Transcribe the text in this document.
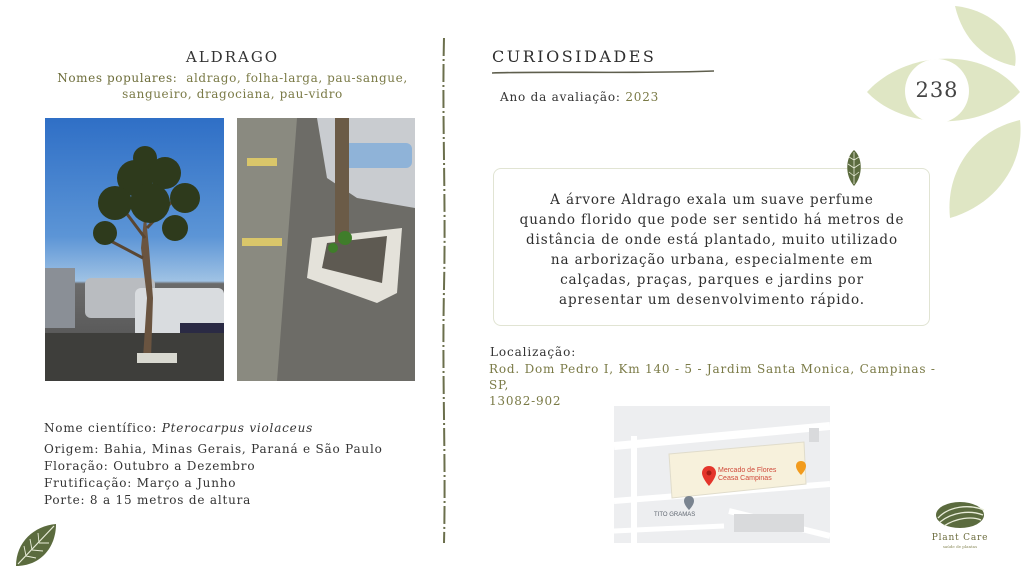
238
ALDRAGO
Nomes populares: aldrago, folha-larga, pau-sangue,
sangueiro, dragociana, pau-vidro
Nome científico: Pterocarpus violaceus
Origem: Bahia, Minas Gerais, Paraná e São Paulo
Floração: Outubro a Dezembro
Frutificação: Março a Junho
Porte: 8 a 15 metros de altura
CURIOSIDADES
Ano da avaliação: 2023
A árvore Aldrago exala um suave perfume
quando florido que pode ser sentido há metros de
distância de onde está plantado, muito utilizado
na arborização urbana, especialmente em
calçadas, praças, parques e jardins por
apresentar um desenvolvimento rápido.
Localização:
Rod. Dom Pedro I, Km 140 - 5 - Jardim Santa Monica, Campinas - SP,
13082-902
Mercado de Flores
Ceasa Campinas
TITO GRAMAS
Plant Care
saúde de plantas
